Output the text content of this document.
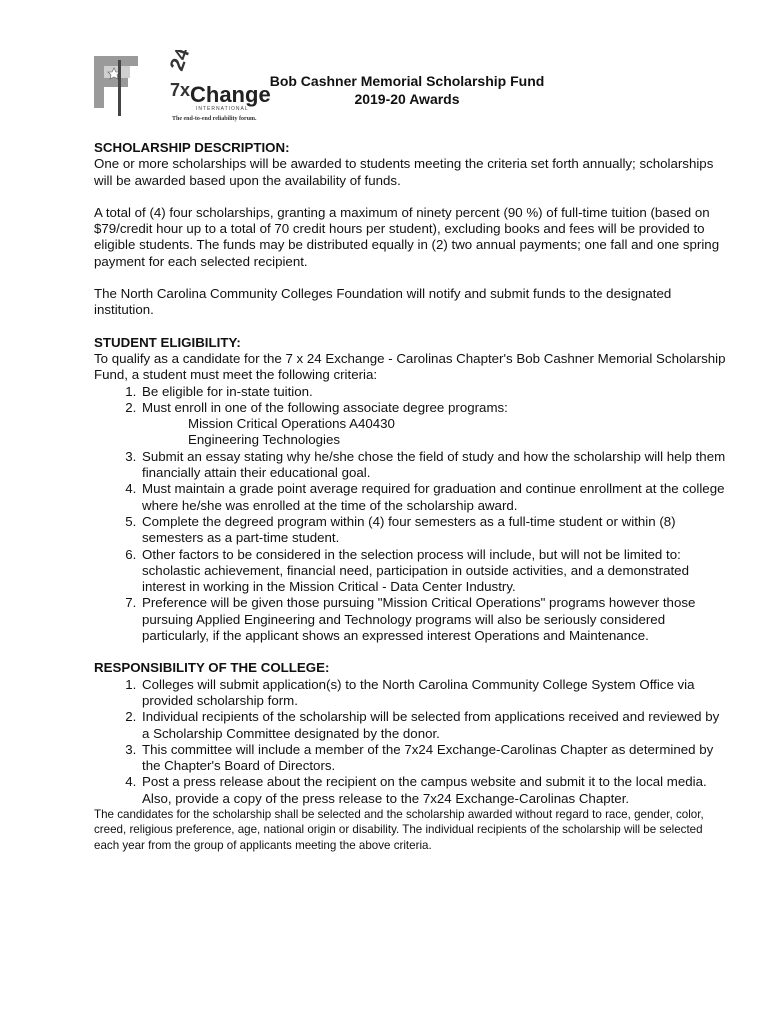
24
7x Change
INTERNATIONAL
The end-to-end reliability forum.
Bob Cashner Memorial Scholarship Fund
2019-20 Awards

SCHOLARSHIP DESCRIPTION:

One or more scholarships will be awarded to students meeting the criteria set forth annually; scholarships will be awarded based upon the availability of funds.

A total of (4) four scholarships, granting a maximum of ninety percent (90 %) of full-time tuition (based on $79/credit hour up to a total of 70 credit hours per student), excluding books and fees will be provided to eligible students. The funds may be distributed equally in (2) two annual payments; one fall and one spring payment for each selected recipient.

The North Carolina Community Colleges Foundation will notify and submit funds to the designated institution.

STUDENT ELIGIBILITY:

To qualify as a candidate for the 7 x 24 Exchange - Carolinas Chapter's Bob Cashner Memorial Scholarship Fund, a student must meet the following criteria:

1. Be eligible for in-state tuition.
2. Must enroll in one of the following associate degree programs:
Mission Critical Operations A40430
Engineering Technologies
3. Submit an essay stating why he/she chose the field of study and how the scholarship will help them financially attain their educational goal.
4. Must maintain a grade point average required for graduation and continue enrollment at the college where he/she was enrolled at the time of the scholarship award.
5. Complete the degreed program within (4) four semesters as a full-time student or within (8) semesters as a part-time student.
6. Other factors to be considered in the selection process will include, but will not be limited to: scholastic achievement, financial need, participation in outside activities, and a demonstrated interest in working in the Mission Critical - Data Center Industry.
7. Preference will be given those pursuing "Mission Critical Operations" programs however those pursuing Applied Engineering and Technology programs will also be seriously considered particularly, if the applicant shows an expressed interest Operations and Maintenance.

RESPONSIBILITY OF THE COLLEGE:

1. Colleges will submit application(s) to the North Carolina Community College System Office via provided scholarship form.
2. Individual recipients of the scholarship will be selected from applications received and reviewed by a Scholarship Committee designated by the donor.
3. This committee will include a member of the 7x24 Exchange-Carolinas Chapter as determined by the Chapter's Board of Directors.
4. Post a press release about the recipient on the campus website and submit it to the local media. Also, provide a copy of the press release to the 7x24 Exchange-Carolinas Chapter.

The candidates for the scholarship shall be selected and the scholarship awarded without regard to race, gender, color, creed, religious preference, age, national origin or disability. The individual recipients of the scholarship will be selected each year from the group of applicants meeting the above criteria.
